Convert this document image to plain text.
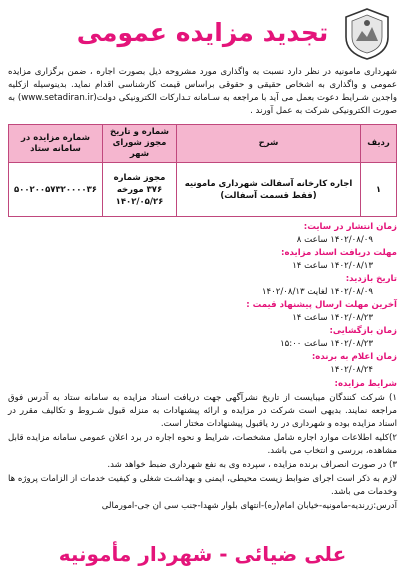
تجدید مزایده عمومی

شهرداری مامونیه در نظر دارد نسبت به واگذاری مورد مشروحه ذیل بصورت اجاره ، ضمن برگزاری مزایده عمومی و واگذاری به اشخاص حقیقی و حقوقی براساس قیمت کارشناسی اقدام نماید. بدینوسیله ازکلیه واجدین شـرایط دعوت بعمل می آید با مراجعه به سـامانه تـدارکات الکترونیکی دولت(www.setadiran.ir) به صورت الکترونیکی شرکت به عمل آورند .

ردیف	شرح	شماره و تاریخ مجوز شورای شهر	شماره مزایده در سامانه ستاد
۱	اجاره کارخانه آسفالت شهرداری مامونیه (فقط قسمت آسفالت)	مجوز شماره ۳۷۶ مورخه ۱۴۰۲/۰۵/۲۶	۵۰۰۲۰۰۵۷۳۲۰۰۰۰۳۶
زمان انتشار در سایت:
۱۴۰۲/۰۸/۰۹ ساعت ۸
مهلت دریافت اسناد مزایده:
۱۴۰۲/۰۸/۱۳ ساعت ۱۴
تاریخ بازدید:
۱۴۰۲/۰۸/۰۹ لغایت ۱۴۰۲/۰۸/۱۳
آخرین مهلت ارسال پیشنهاد قیمت :
۱۴۰۲/۰۸/۲۳ ساعت ۱۴
زمان بازگشایی:
۱۴۰۲/۰۸/۲۳ ساعت ۱۵:۰۰
زمان اعلام به برنده:
۱۴۰۲/۰۸/۲۴

شرایط مزایده:

۱) شرکت کنندگان میبایست از تاریخ نشرآگهی جهت دریافت اسناد مزایده به سامانه ستاد به آدرس فوق مراجعه نمایند. بدیهی است شرکت در مزایده و ارائه پیشنهادات به منزله قبول شـروط و تکالیف مقرر در اسناد مزایده بوده و شهرداری در رد یاقبول پیشنهادات مختار است.

۲)کلیه اطلاعات موارد اجاره شامل مشخصات، شرایط و نحوه اجاره در برد اعلان عمومی سامانه مزایده قابل مشاهده، بررسی و انتخاب می باشد.

۳) در صورت انصراف برنده مزایده ، سپرده وی به نفع شهرداری ضبط خواهد شد.

لازم به ذکر است اجرای ضوابط زیست محیطی، ایمنی و بهداشـت شغلی و کیفیت خدمات از الزامات پروژه ها وخدمات می باشد.

آدرس:زرندیه-مامونیه-خیابان امام(ره)-انتهای بلوار شهدا-جنب سی ان جی-امورمالی

علی ضیائی - شهردار مأمونیه
